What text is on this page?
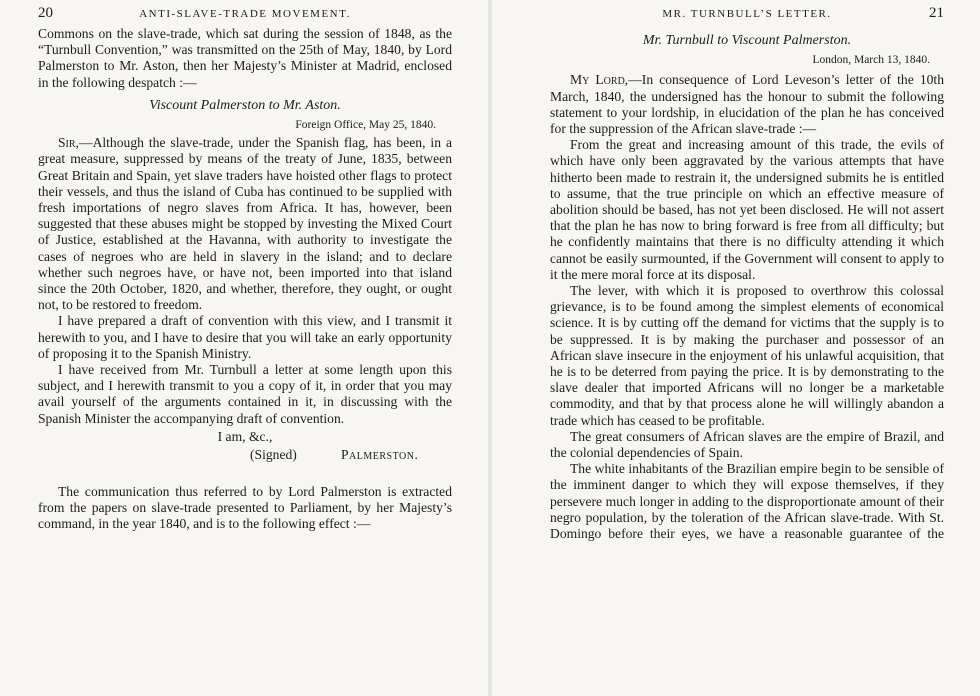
20	ANTI-SLAVE-TRADE MOVEMENT.

Commons on the slave-trade, which sat during the session of 1848, as the “Turnbull Convention,” was transmitted on the 25th of May, 1840, by Lord Palmerston to Mr. Aston, then her Majesty’s Minister at Madrid, enclosed in the following despatch :—

Viscount Palmerston to Mr. Aston.
Foreign Office, May 25, 1840.

Sir,—Although the slave-trade, under the Spanish flag, has been, in a great measure, suppressed by means of the treaty of June, 1835, between Great Britain and Spain, yet slave traders have hoisted other flags to protect their vessels, and thus the island of Cuba has continued to be supplied with fresh importations of negro slaves from Africa. It has, however, been suggested that these abuses might be stopped by investing the Mixed Court of Justice, established at the Havanna, with authority to investigate the cases of negroes who are held in slavery in the island; and to declare whether such negroes have, or have not, been imported into that island since the 20th October, 1820, and whether, therefore, they ought, or ought not, to be restored to freedom.

I have prepared a draft of convention with this view, and I transmit it herewith to you, and I have to desire that you will take an early opportunity of proposing it to the Spanish Ministry.

I have received from Mr. Turnbull a letter at some length upon this subject, and I herewith transmit to you a copy of it, in order that you may avail yourself of the arguments contained in it, in discussing with the Spanish Minister the accompanying draft of convention.

I am, &c.,
(Signed)	Palmerston.

The communication thus referred to by Lord Palmerston is extracted from the papers on slave-trade presented to Parliament, by her Majesty’s command, in the year 1840, and is to the following effect :—

MR. TURNBULL’S LETTER.	21
Mr. Turnbull to Viscount Palmerston.
London, March 13, 1840.

My Lord,—In consequence of Lord Leveson’s letter of the 10th March, 1840, the undersigned has the honour to submit the following statement to your lordship, in elucidation of the plan he has conceived for the suppression of the African slave-trade :—

From the great and increasing amount of this trade, the evils of which have only been aggravated by the various attempts that have hitherto been made to restrain it, the undersigned submits he is entitled to assume, that the true principle on which an effective measure of abolition should be based, has not yet been disclosed. He will not assert that the plan he has now to bring forward is free from all difficulty; but he confidently maintains that there is no difficulty attending it which cannot be easily surmounted, if the Government will consent to apply to it the mere moral force at its disposal.

The lever, with which it is proposed to overthrow this colossal grievance, is to be found among the simplest elements of economical science. It is by cutting off the demand for victims that the supply is to be suppressed. It is by making the purchaser and possessor of an African slave insecure in the enjoyment of his unlawful acquisition, that he is to be deterred from paying the price. It is by demonstrating to the slave dealer that imported Africans will no longer be a marketable commodity, and that by that process alone he will willingly abandon a trade which has ceased to be profitable.

The great consumers of African slaves are the empire of Brazil, and the colonial dependencies of Spain.

The white inhabitants of the Brazilian empire begin to be sensible of the imminent danger to which they will expose themselves, if they persevere much longer in adding to the disproportionate amount of their negro population, by the toleration of the African slave-trade. With St. Domingo before their eyes, we have a reasonable guarantee of the
